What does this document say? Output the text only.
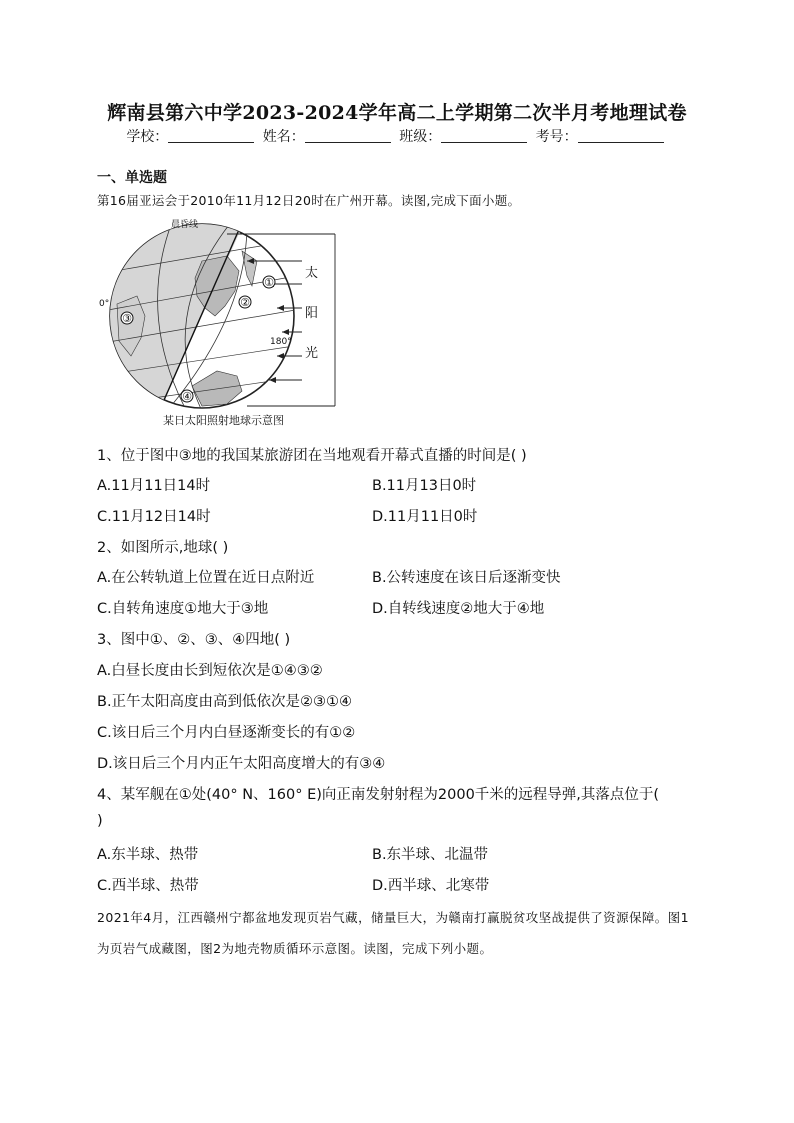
辉南县第六中学2023-2024学年高二上学期第二次半月考地理试卷
学校：	姓名：	班级：	考号：
一、单选题
第16届亚运会于2010年11月12日20时在广州开幕。读图,完成下面小题。
①
②
③
④
晨昏线
0°
180°
太
阳
光
某日太阳照射地球示意图
1、位于图中③地的我国某旅游团在当地观看开幕式直播的时间是( )
A.11月11日14时	B.11月13日0时
C.11月12日14时	D.11月11日0时
2、如图所示,地球( )
A.在公转轨道上位置在近日点附近	B.公转速度在该日后逐渐变快
C.自转角速度①地大于③地	D.自转线速度②地大于④地
3、图中①、②、③、④四地( )
A.白昼长度由长到短依次是①④③②
B.正午太阳高度由高到低依次是②③①④
C.该日后三个月内白昼逐渐变长的有①②
D.该日后三个月内正午太阳高度增大的有③④
4、某军舰在①处(40° N、160° E)向正南发射射程为2000千米的远程导弹,其落点位于(
)
A.东半球、热带	B.东半球、北温带
C.西半球、热带	D.西半球、北寒带
2021年4月，江西赣州宁都盆地发现页岩气藏，储量巨大，为赣南打赢脱贫攻坚战提供了资源保障。图1为页岩气成藏图，图2为地壳物质循环示意图。读图，完成下列小题。
